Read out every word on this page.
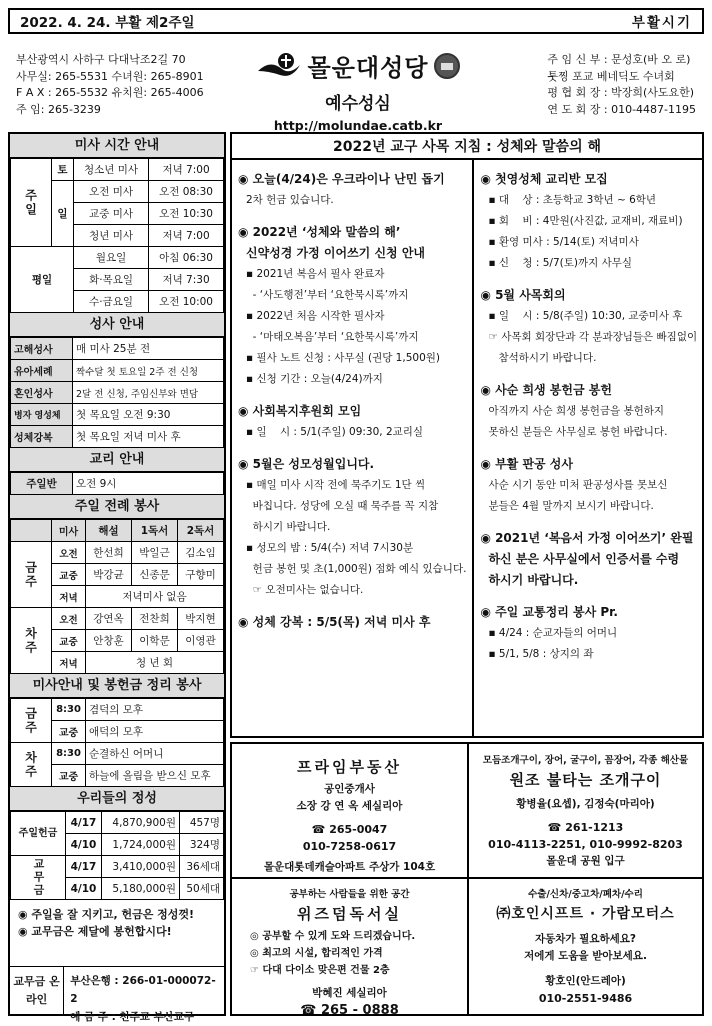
2022. 4. 24. 부활 제2주일	부활시기
부산광역시 사하구 다대낙조2길 70
사무실: 265-5531 수녀원: 265-8901
F A X : 265-5532 유치원: 265-4006
주 임: 265-3239
몰운대성당
예수성심
http://molundae.catb.kr
주 임 신 부 : 문성호(바 오 로)
툿찡 포교 베네딕도 수녀회
평 협 회 장 : 박장희(사도요한)
연 도 회 장 : 010-4487-1195
미사 시간 안내
주일	토	청소년 미사	저녁 7:00
	일	오전 미사	오전 08:30
		교중 미사	오전 10:30
		청년 미사	저녁 7:00
평일		월요일	아침 06:30
		화·목요일	저녁 7:30
		수·금요일	오전 10:00
성사 안내
고해성사	매 미사 25분 전
유아세례	짝수달 첫 토요일 2주 전 신청
혼인성사	2달 전 신청, 주임신부와 면담
병자 영성체	첫 목요일 오전 9:30
성체강복	첫 목요일 저녁 미사 후
교리 안내
주일반	오전 9시
주일 전례 봉사
	미사	해설	1독서	2독서
금주	오전	한선희	박일근	김소임
	교중	박강균	신종문	구향미
	저녁	저녁미사 없음		
차주	오전	강연옥	전찬희	박지현
	교중	안창훈	이학문	이영관
	저녁	청 년 회		
미사안내 및 봉헌금 정리 봉사
금주	8:30	겸덕의 모후
	교중	애덕의 모후
차주	8:30	순결하신 어머니
	교중	하늘에 올림을 받으신 모후
우리들의 정성
주일헌금	4/17	4,870,900원	457명
	4/10	1,724,000원	324명
교무금	4/17	3,410,000원	36세대
	4/10	5,180,000원	50세대
◉ 주일을 잘 지키고, 헌금은 정성껏!
◉ 교무금은 제달에 봉헌합시다!
교무금 온라인
부산은행 : 266-01-000072-2
예 금 주 : 천주교 부산교구
2022년 교구 사목 지침 : 성체와 말씀의 해
◉ 오늘(4/24)은 우크라이나 난민 돕기
2차 헌금 있습니다.
◉ 2022년 ‘성체와 말씀의 해’
신약성경 가정 이어쓰기 신청 안내
▪ 2021년 복음서 필사 완료자
- ‘사도행전’부터 ‘요한묵시록’까지
▪ 2022년 처음 시작한 필사자
- ‘마태오복음’부터 ‘요한묵시록’까지
▪ 필사 노트 신청 : 사무실 (권당 1,500원)
▪ 신청 기간 : 오늘(4/24)까지
◉ 사회복지후원회 모임
▪ 일    시 : 5/1(주일) 09:30, 2교리실
◉ 5월은 성모성월입니다.
▪ 매일 미사 시작 전에 묵주기도 1단 씩
바칩니다. 성당에 오실 때 묵주를 꼭 지참
하시기 바랍니다.
▪ 성모의 밤 : 5/4(수) 저녁 7시30분
헌금 봉헌 및 초(1,000원) 점화 예식 있습니다.
☞ 오전미사는 없습니다.
◉ 성체 강복 : 5/5(목) 저녁 미사 후
◉ 첫영성체 교리반 모집
▪ 대    상 : 초등학교 3학년 ~ 6학년
▪ 회    비 : 4만원(사진값, 교재비, 재료비)
▪ 환영 미사 : 5/14(토) 저녁미사
▪ 신    청 : 5/7(토)까지 사무실
◉ 5월 사목회의
▪ 일    시 : 5/8(주일) 10:30, 교중미사 후
☞ 사목회 회장단과 각 분과장님들은 빠짐없이
참석하시기 바랍니다.
◉ 사순 희생 봉헌금 봉헌
아직까지 사순 희생 봉헌금을 봉헌하지
못하신 분들은 사무실로 봉헌 바랍니다.
◉ 부활 판공 성사
사순 시기 동안 미처 판공성사를 못보신
분들은 4월 말까지 보시기 바랍니다.
◉ 2021년 ‘복음서 가정 이어쓰기’ 완필
하신 분은 사무실에서 인증서를 수령
하시기 바랍니다.
◉ 주일 교통정리 봉사 Pr.
▪ 4/24 : 순교자들의 어머니
▪ 5/1, 5/8 : 상지의 좌
프라임부동산
공인중개사
소장 강 연 옥 세실리아
☎ 265-0047
010-7258-0617
몰운대롯데캐슬아파트 주상가 104호
모듬조개구이, 장어, 굴구이, 꼼장어, 각종 해산물
원조 불타는 조개구이
황병율(요셉), 김정숙(마리아)
☎ 261-1213
010-4113-2251, 010-9992-8203
몰운대 공원 입구
공부하는 사람들을 위한 공간
위즈덤독서실
◎ 공부할 수 있게 도와 드리겠습니다.
◎ 최고의 시설, 합리적인 가격
☞ 다대 다이소 맞은편 건물 2층
박혜진 세실리아
☎ 265 - 0888
수출/신차/중고차/폐차/수리
㈜호인시프트 · 가람모터스
자동차가 필요하세요?
저에게 도움을 받아보세요.
황호인(안드레아)
010-2551-9486
